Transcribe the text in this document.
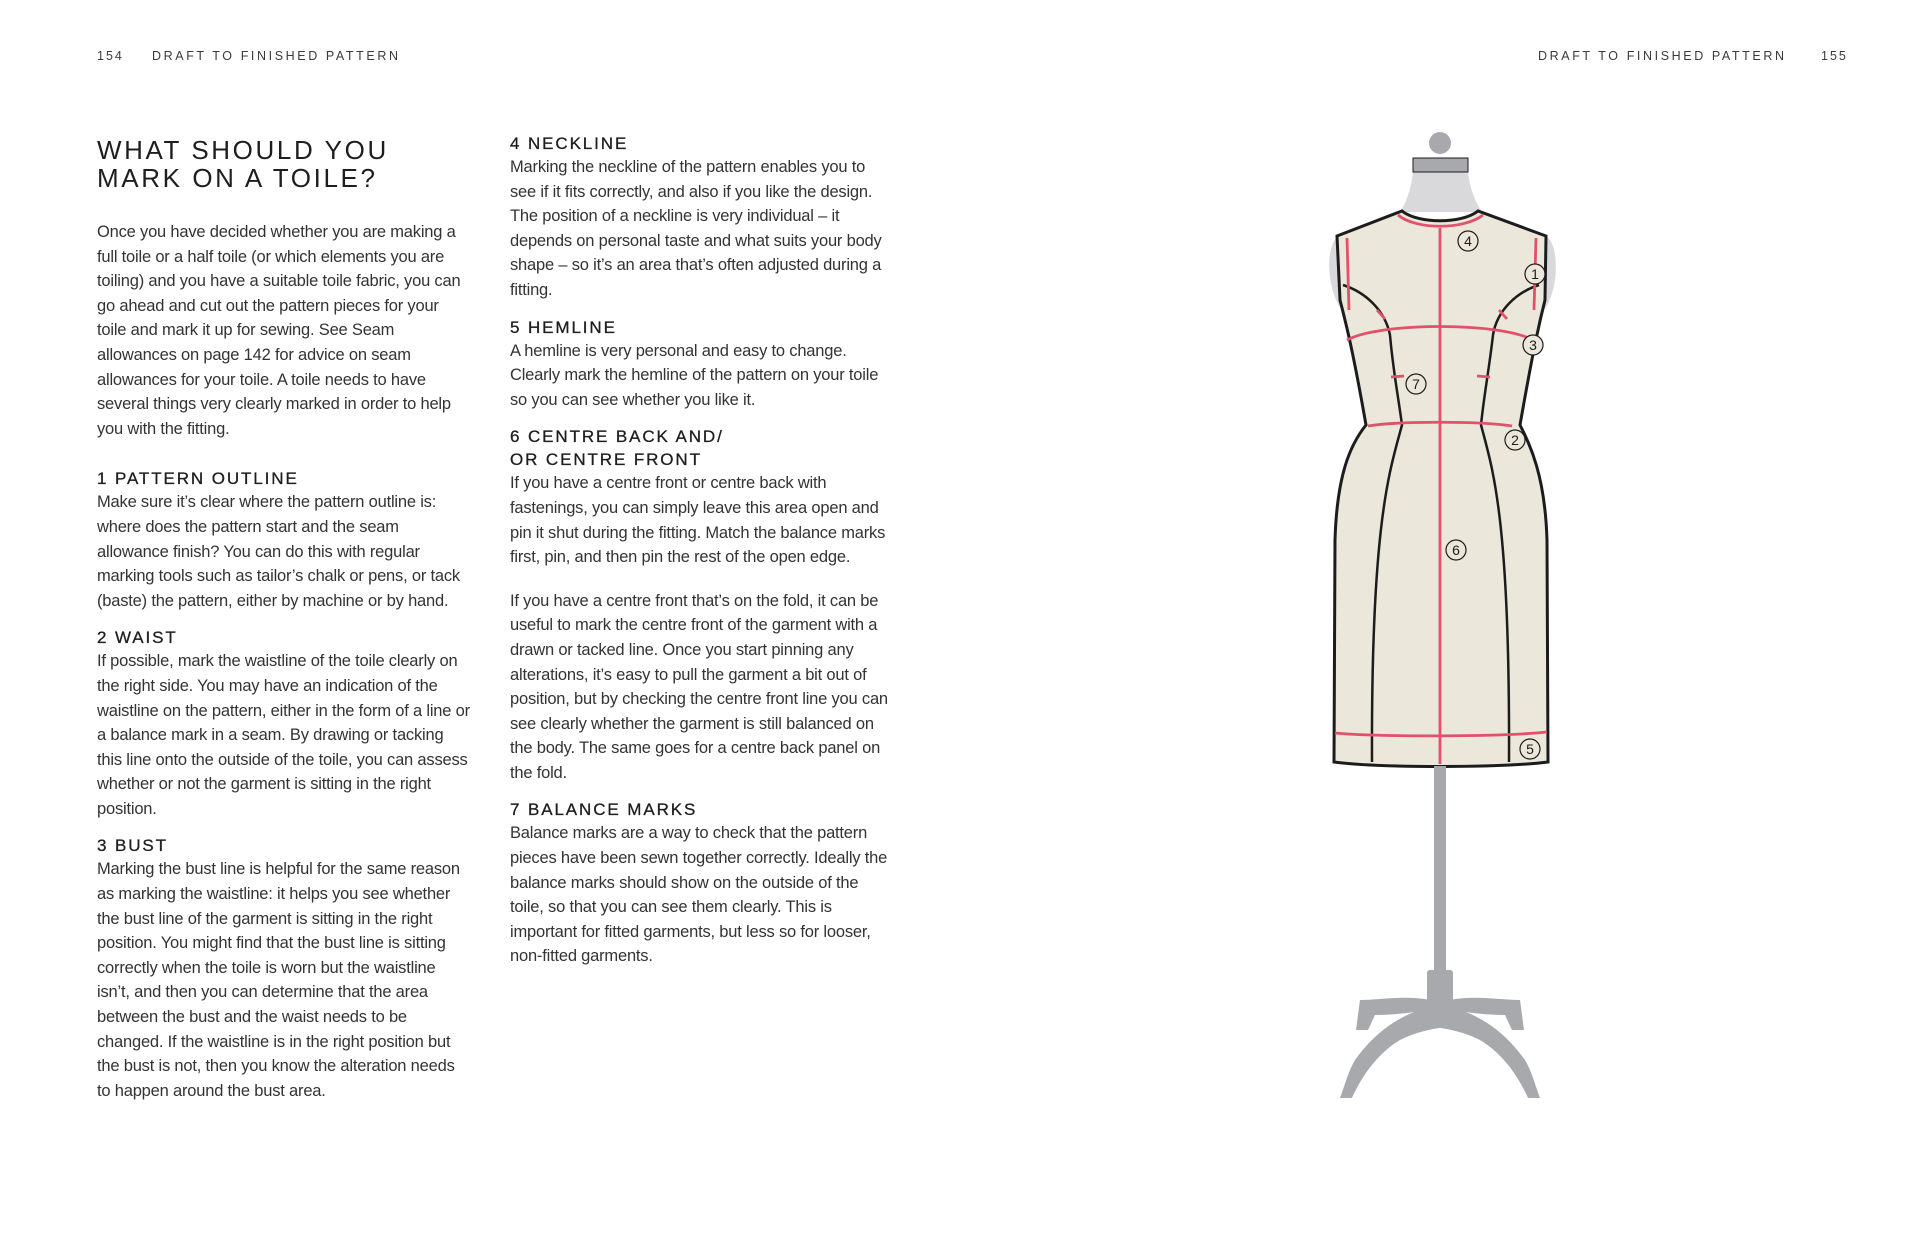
154 DRAFT TO FINISHED PATTERN	DRAFT TO FINISHED PATTERN	155
WHAT SHOULD YOU
MARK ON A TOILE?

Once you have decided whether you are making a full toile or a half toile (or which elements you are toiling) and you have a suitable toile fabric, you can go ahead and cut out the pattern pieces for your toile and mark it up for sewing. See Seam allowances on page 142 for advice on seam allowances for your toile. A toile needs to have several things very clearly marked in order to help you with the fitting.

1 PATTERN OUTLINE

Make sure it’s clear where the pattern outline is: where does the pattern start and the seam allowance finish? You can do this with regular marking tools such as tailor’s chalk or pens, or tack (baste) the pattern, either by machine or by hand.

2 WAIST

If possible, mark the waistline of the toile clearly on the right side. You may have an indication of the waistline on the pattern, either in the form of a line or a balance mark in a seam. By drawing or tacking this line onto the outside of the toile, you can assess whether or not the garment is sitting in the right position.

3 BUST

Marking the bust line is helpful for the same reason as marking the waistline: it helps you see whether the bust line of the garment is sitting in the right position. You might find that the bust line is sitting correctly when the toile is worn but the waistline isn’t, and then you can determine that the area between the bust and the waist needs to be changed. If the waistline is in the right position but the bust is not, then you know the alteration needs to happen around the bust area.

4 NECKLINE

Marking the neckline of the pattern enables you to see if it fits correctly, and also if you like the design. The position of a neckline is very individual – it depends on personal taste and what suits your body shape – so it’s an area that’s often adjusted during a fitting.

5 HEMLINE

A hemline is very personal and easy to change. Clearly mark the hemline of the pattern on your toile so you can see whether you like it.

6 CENTRE BACK AND/
OR CENTRE FRONT

If you have a centre front or centre back with fastenings, you can simply leave this area open and pin it shut during the fitting. Match the balance marks first, pin, and then pin the rest of the open edge.

If you have a centre front that’s on the fold, it can be useful to mark the centre front of the garment with a drawn or tacked line. Once you start pinning any alterations, it’s easy to pull the garment a bit out of position, but by checking the centre front line you can see clearly whether the garment is still balanced on the body. The same goes for a centre back panel on the fold.

7 BALANCE MARKS

Balance marks are a way to check that the pattern pieces have been sewn together correctly. Ideally the balance marks should show on the outside of the toile, so that you can see them clearly. This is important for fitted garments, but less so for looser, non-fitted garments.

1
2
3
4
5
6
7
